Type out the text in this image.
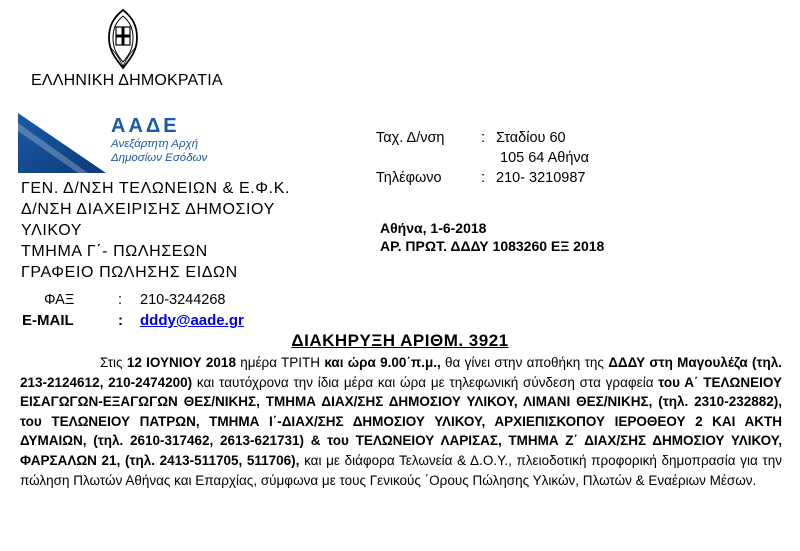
ΕΛΛΗΝΙΚΗ ΔΗΜΟΚΡΑΤΙΑ
ΑΑΔΕ
Ανεξάρτητη Αρχή
Δημοσίων Εσόδων
ΓΕΝ. Δ/ΝΣΗ ΤΕΛΩΝΕΙΩΝ & Ε.Φ.Κ.
Δ/ΝΣΗ ΔΙΑΧΕΙΡΙΣΗΣ ΔΗΜΟΣΙΟΥ
ΥΛΙΚΟΥ
ΤΜΗΜΑ Γ΄- ΠΩΛΗΣΕΩΝ
ΓΡΑΦΕΙΟ ΠΩΛΗΣΗΣ ΕΙΔΩΝ
Ταχ. Δ/νση	: Σταδίου 60
105 64 Αθήνα
Τηλέφωνο	: 210- 3210987
Αθήνα, 1-6-2018
ΑΡ. ΠΡΩΤ. ΔΔΔΥ 1083260 ΕΞ 2018
ΦΑΞ	: 210-3244268
E-MAIL	: dddy@aade.gr
ΔΙΑΚΗΡΥΞΗ ΑΡΙΘΜ. 3921
Στις 12 ΙΟΥΝΙΟΥ 2018 ημέρα ΤΡΙΤΗ και ώρα 9.00΄π.μ., θα γίνει στην αποθήκη της ΔΔΔΥ στη Μαγουλέζα (τηλ. 213-2124612, 210-2474200) και ταυτόχρονα την ίδια μέρα και ώρα με τηλεφωνική σύνδεση στα γραφεία του Α΄ ΤΕΛΩΝΕΙΟΥ ΕΙΣΑΓΩΓΩΝ-ΕΞΑΓΩΓΩΝ ΘΕΣ/ΝΙΚΗΣ, ΤΜΗΜΑ ΔΙΑΧ/ΣΗΣ ΔΗΜΟΣΙΟΥ ΥΛΙΚΟΥ, ΛΙΜΑΝΙ ΘΕΣ/ΝΙΚΗΣ, (τηλ. 2310-232882), του ΤΕΛΩΝΕΙΟΥ ΠΑΤΡΩΝ, ΤΜΗΜΑ Ι΄-ΔΙΑΧ/ΣΗΣ ΔΗΜΟΣΙΟΥ ΥΛΙΚΟΥ, ΑΡΧΙΕΠΙΣΚΟΠΟΥ ΙΕΡΟΘΕΟΥ 2 ΚΑΙ ΑΚΤΗ ΔΥΜΑΙΩΝ, (τηλ. 2610-317462, 2613-621731) & του ΤΕΛΩΝΕΙΟΥ ΛΑΡΙΣΑΣ, ΤΜΗΜΑ Ζ΄ ΔΙΑΧ/ΣΗΣ ΔΗΜΟΣΙΟΥ ΥΛΙΚΟΥ, ΦΑΡΣΑΛΩΝ 21, (τηλ. 2413-511705, 511706), και με διάφορα Τελωνεία & Δ.Ο.Υ., πλειοδοτική προφορική δημοπρασία για την πώληση Πλωτών Αθήνας και Επαρχίας, σύμφωνα με τους Γενικούς ΄Ορους Πώλησης Υλικών, Πλωτών & Εναέριων Μέσων.
